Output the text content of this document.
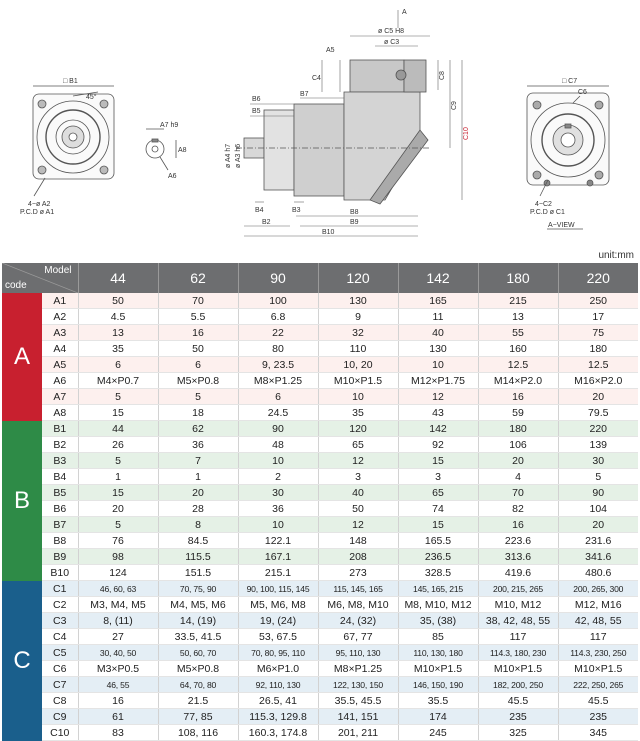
□ B1
45°
4−ø A2
P.C.D ø A1
A7 h9
A8
A6
A
ø C5 H8
ø C3
A5
C4
B7
B6
B5
ø A4 h7 ø A3 h6
C8
C9
C10
B4	B3	B8
B2	B9
B10
□ C7
C6
4−C2
P.C.D ø C1
A−VIEW
unit:mm
Model
code		44	62	90	120	142	180	220
A	A1	50	70	100	130	165	215	250
	A2	4.5	5.5	6.8	9	11	13	17
	A3	13	16	22	32	40	55	75
	A4	35	50	80	110	130	160	180
	A5	6	6	9, 23.5	10, 20	10	12.5	12.5
	A6	M4×P0.7	M5×P0.8	M8×P1.25	M10×P1.5	M12×P1.75	M14×P2.0	M16×P2.0
	A7	5	5	6	10	12	16	20
	A8	15	18	24.5	35	43	59	79.5
B	B1	44	62	90	120	142	180	220
	B2	26	36	48	65	92	106	139
	B3	5	7	10	12	15	20	30
	B4	1	1	2	3	3	4	5
	B5	15	20	30	40	65	70	90
	B6	20	28	36	50	74	82	104
	B7	5	8	10	12	15	16	20
	B8	76	84.5	122.1	148	165.5	223.6	231.6
	B9	98	115.5	167.1	208	236.5	313.6	341.6
	B10	124	151.5	215.1	273	328.5	419.6	480.6
C	C1	46, 60, 63	70, 75, 90	90, 100, 115, 145	115, 145, 165	145, 165, 215	200, 215, 265	200, 265, 300
	C2	M3, M4, M5	M4, M5, M6	M5, M6, M8	M6, M8, M10	M8, M10, M12	M10, M12	M12, M16
	C3	8, (11)	14, (19)	19, (24)	24, (32)	35, (38)	38, 42, 48, 55	42, 48, 55
	C4	27	33.5, 41.5	53, 67.5	67, 77	85	117	117
	C5	30, 40, 50	50, 60, 70	70, 80, 95, 110	95, 110, 130	110, 130, 180	114.3, 180, 230	114.3, 230, 250
	C6	M3×P0.5	M5×P0.8	M6×P1.0	M8×P1.25	M10×P1.5	M10×P1.5	M10×P1.5
	C7	46, 55	64, 70, 80	92, 110, 130	122, 130, 150	146, 150, 190	182, 200, 250	222, 250, 265
	C8	16	21.5	26.5, 41	35.5, 45.5	35.5	45.5	45.5
	C9	61	77, 85	115.3, 129.8	141, 151	174	235	235
	C10	83	108, 116	160.3, 174.8	201, 211	245	325	345
